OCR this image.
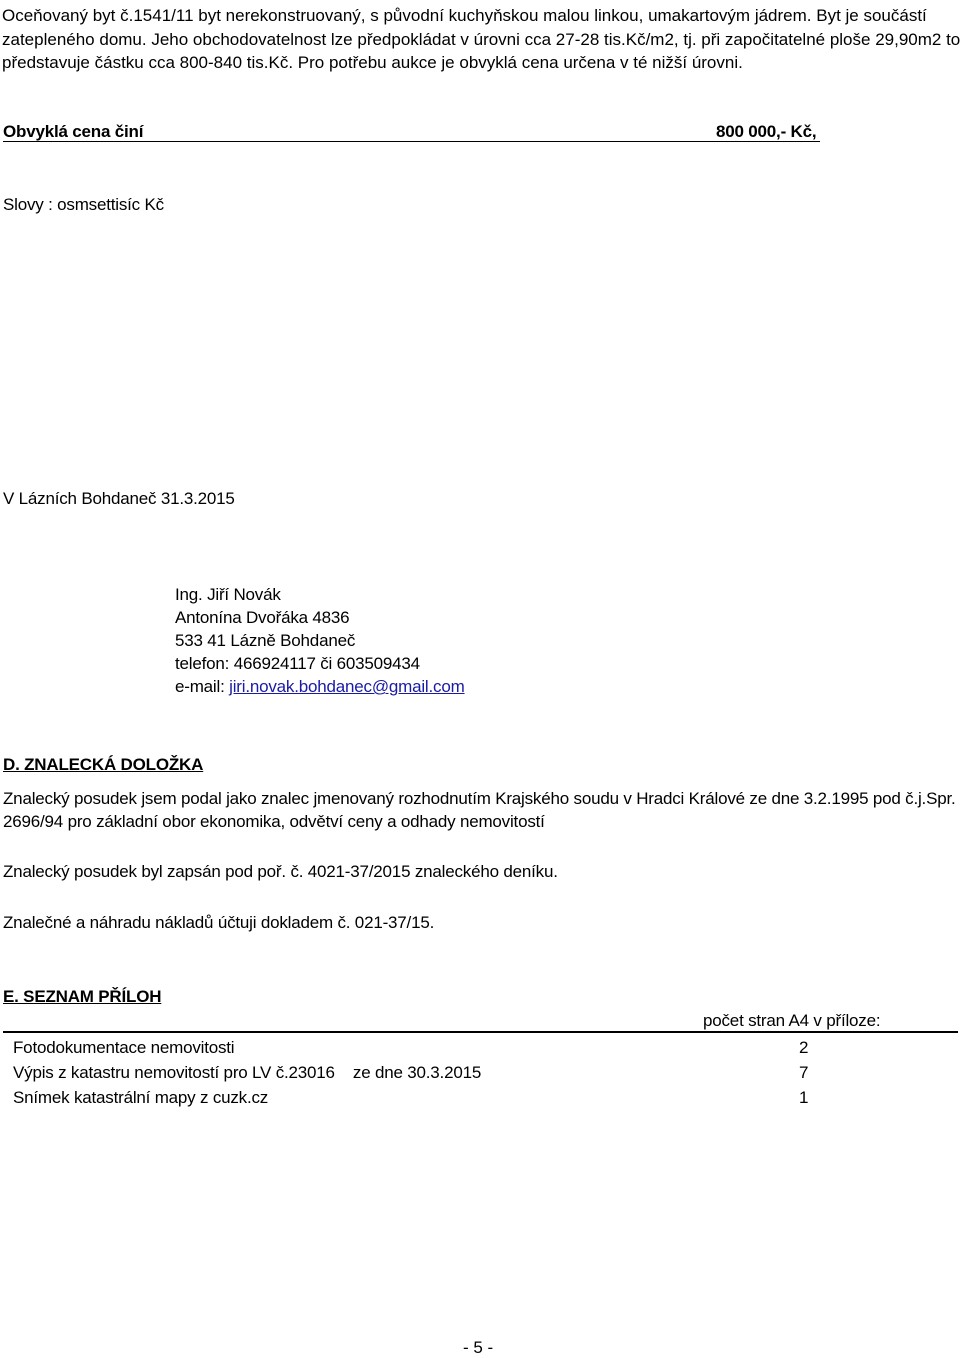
Oceňovaný byt č.1541/11 byt nerekonstruovaný, s původní kuchyňskou malou linkou, umakartovým jádrem. Byt je součástí
zatepleného domu. Jeho obchodovatelnost lze předpokládat v úrovni cca 27-28 tis.Kč/m2, tj. při započitatelné ploše 29,90m2 to
představuje částku cca 800-840 tis.Kč. Pro potřebu aukce je obvyklá cena určena v té nižší úrovni.
Obvyklá cena činí	800 000,- Kč,
Slovy : osmsettisíc Kč
V Lázních Bohdaneč 31.3.2015
Ing. Jiří Novák
Antonína Dvořáka 4836
533 41 Lázně Bohdaneč
telefon: 466924117 či 603509434
e-mail: jiri.novak.bohdanec@gmail.com
D. ZNALECKÁ DOLOŽKA
Znalecký posudek jsem podal jako znalec jmenovaný rozhodnutím Krajského soudu v Hradci Králové ze dne 3.2.1995 pod č.j.Spr.
2696/94 pro základní obor ekonomika, odvětví ceny a odhady nemovitostí
Znalecký posudek byl zapsán pod poř. č. 4021-37/2015 znaleckého deníku.
Znalečné a náhradu nákladů účtuji dokladem č. 021-37/15.
E. SEZNAM PŘÍLOH
počet stran A4 v příloze:
Fotodokumentace nemovitosti	2
Výpis z katastru nemovitostí pro LV č.23016    ze dne 30.3.2015	7
Snímek katastrální mapy z cuzk.cz	1
- 5 -
